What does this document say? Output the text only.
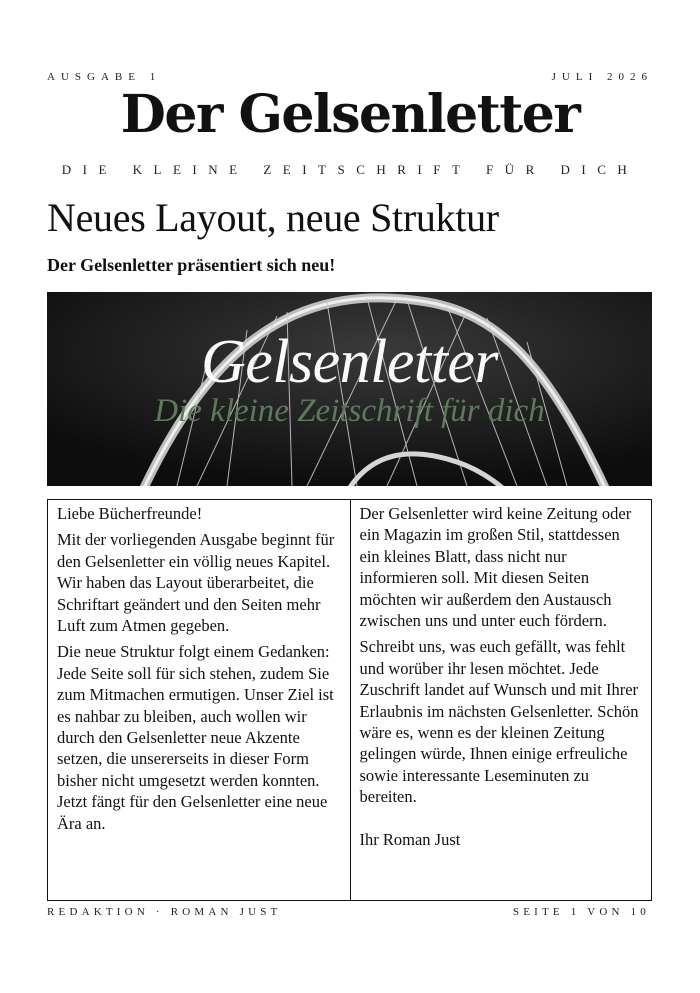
AUSGABE 1	JULI 2026
Der Gelsenletter
DIE KLEINE ZEITSCHRIFT FÜR DICH
Neues Layout, neue Struktur
Der Gelsenletter präsentiert sich neu!
Gelsenletter
Die kleine Zeitschrift für dich

Liebe Bücherfreunde!

Mit der vorliegenden Ausgabe beginnt für den Gelsenletter ein völlig neues Kapitel. Wir haben das Layout überarbeitet, die Schriftart geändert und den Seiten mehr Luft zum Atmen gegeben.

Die neue Struktur folgt einem Gedanken: Jede Seite soll für sich stehen, zudem Sie zum Mitmachen ermutigen. Unser Ziel ist es nahbar zu bleiben, auch wollen wir durch den Gelsenletter neue Akzente setzen, die unsererseits in dieser Form bisher nicht umgesetzt werden konnten. Jetzt fängt für den Gelsenletter eine neue Ära an.

Der Gelsenletter wird keine Zeitung oder ein Magazin im großen Stil, stattdessen ein kleines Blatt, dass nicht nur informieren soll. Mit diesen Seiten möchten wir außerdem den Austausch zwischen uns und unter euch fördern.

Schreibt uns, was euch gefällt, was fehlt und worüber ihr lesen möchtet. Jede Zuschrift landet auf Wunsch und mit Ihrer Erlaubnis im nächsten Gelsenletter. Schön wäre es, wenn es der kleinen Zeitung gelingen würde, Ihnen einige erfreuliche sowie interessante Leseminuten zu bereiten.

Ihr Roman Just

REDAKTION · ROMAN JUST	SEITE 1 VON 10
